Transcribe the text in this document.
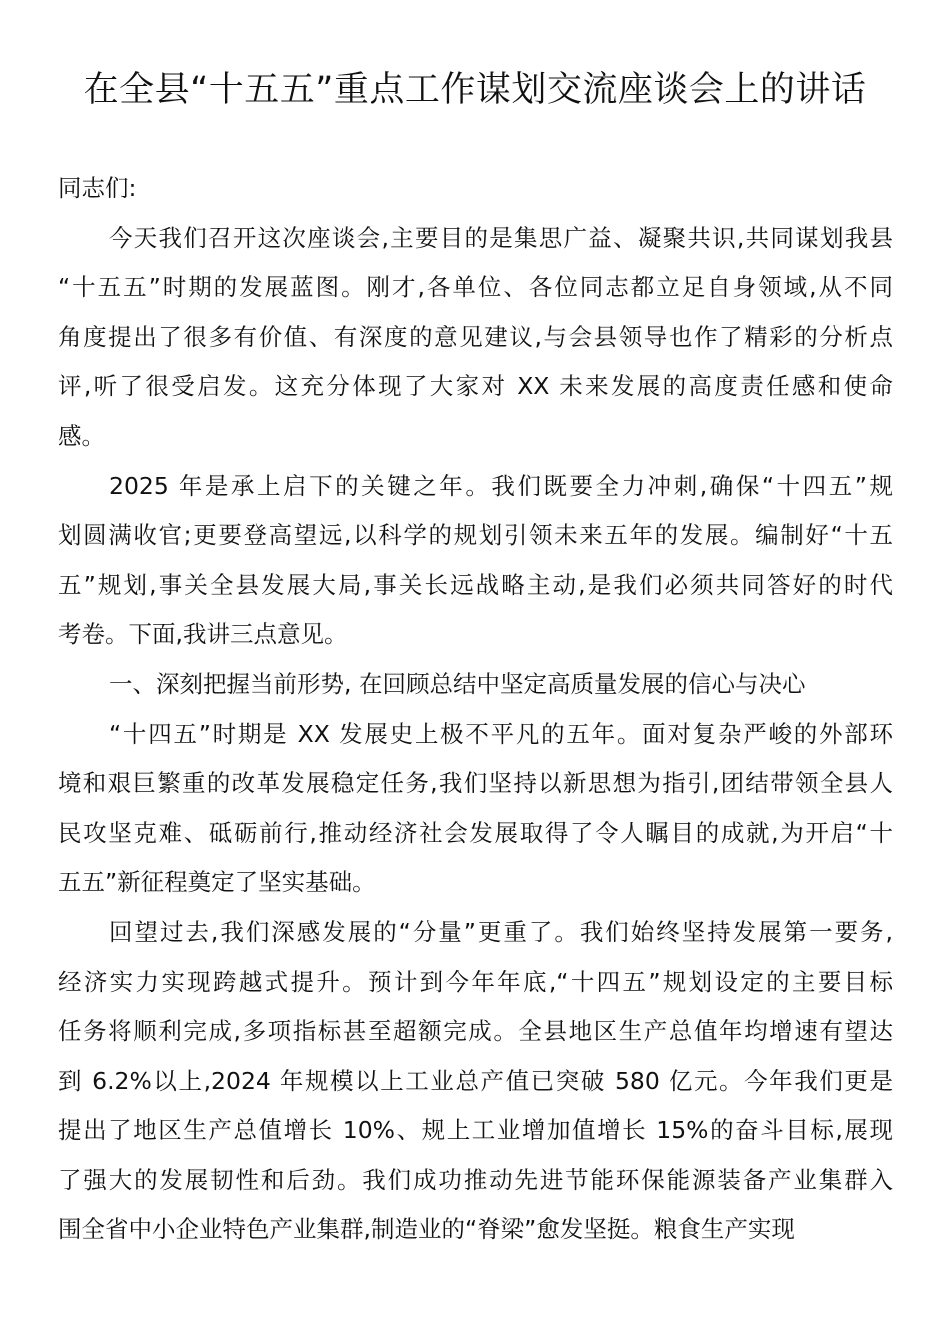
在全县“十五五”重点工作谋划交流座谈会上的讲话

同志们:

今天我们召开这次座谈会,主要目的是集思广益、凝聚共识,共同谋划我县
“十五五”时期的发展蓝图。刚才,各单位、各位同志都立足自身领域,从不同
角度提出了很多有价值、有深度的意见建议,与会县领导也作了精彩的分析点
评,听了很受启发。这充分体现了大家对 XX 未来发展的高度责任感和使命
感。

2025 年是承上启下的关键之年。我们既要全力冲刺,确保“十四五”规
划圆满收官;更要登高望远,以科学的规划引领未来五年的发展。编制好“十五
五”规划,事关全县发展大局,事关长远战略主动,是我们必须共同答好的时代
考卷。下面,我讲三点意见。

一、深刻把握当前形势, 在回顾总结中坚定高质量发展的信心与决心

“十四五”时期是 XX 发展史上极不平凡的五年。面对复杂严峻的外部环
境和艰巨繁重的改革发展稳定任务,我们坚持以新思想为指引,团结带领全县人
民攻坚克难、砥砺前行,推动经济社会发展取得了令人瞩目的成就,为开启“十
五五”新征程奠定了坚实基础。

回望过去,我们深感发展的“分量”更重了。我们始终坚持发展第一要务,
经济实力实现跨越式提升。预计到今年年底,“十四五”规划设定的主要目标
任务将顺利完成,多项指标甚至超额完成。全县地区生产总值年均增速有望达
到 6.2%以上,2024 年规模以上工业总产值已突破 580 亿元。今年我们更是
提出了地区生产总值增长 10%、规上工业增加值增长 15%的奋斗目标,展现
了强大的发展韧性和后劲。我们成功推动先进节能环保能源装备产业集群入
围全省中小企业特色产业集群,制造业的“脊梁”愈发坚挺。粮食生产实现
